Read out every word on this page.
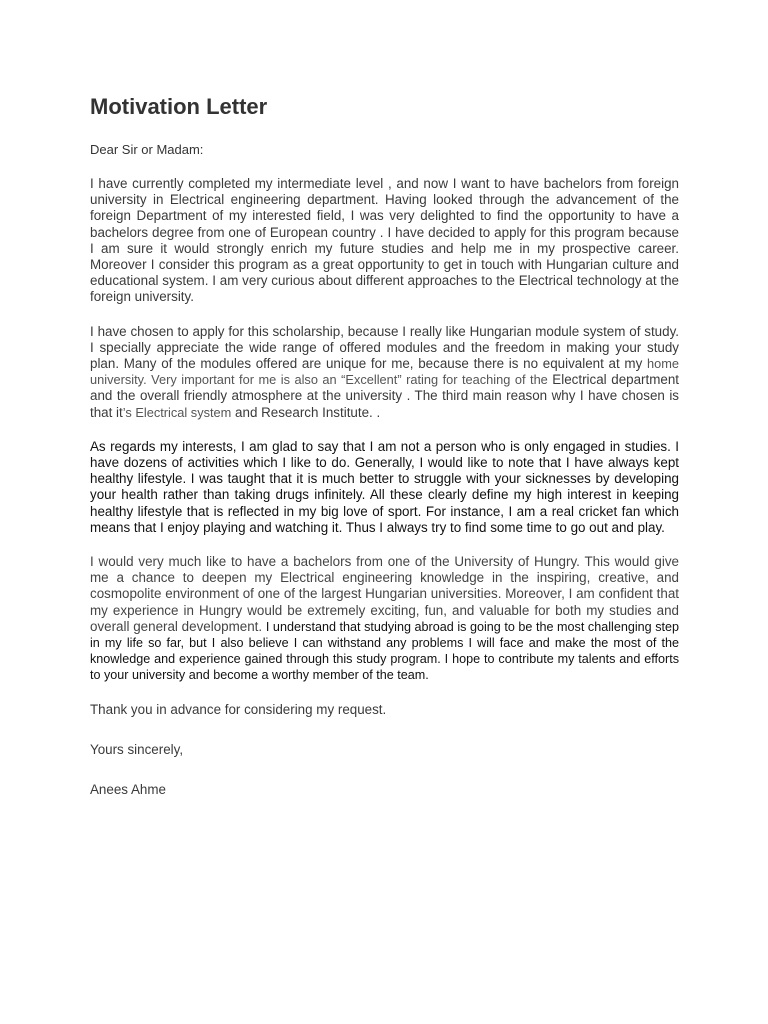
Motivation Letter

Dear Sir or Madam:

I have currently completed my intermediate level , and now I want to have bachelors from foreign university in Electrical engineering department. Having looked through the advancement of the foreign Department of my interested field, I was very delighted to find the opportunity to have a bachelors degree from one of European country . I have decided to apply for this program because I am sure it would strongly enrich my future studies and help me in my prospective career. Moreover I consider this program as a great opportunity to get in touch with Hungarian culture and educational system. I am very curious about different approaches to the Electrical technology at the foreign university.

I have chosen to apply for this scholarship, because I really like Hungarian module system of study. I specially appreciate the wide range of offered modules and the freedom in making your study plan. Many of the modules offered are unique for me, because there is no equivalent at my home university. Very important for me is also an “Excellent” rating for teaching of the Electrical department and the overall friendly atmosphere at the university . The third main reason why I have chosen is that it’s Electrical system and Research Institute. .

As regards my interests, I am glad to say that I am not a person who is only engaged in studies. I have dozens of activities which I like to do. Generally, I would like to note that I have always kept healthy lifestyle. I was taught that it is much better to struggle with your sicknesses by developing your health rather than taking drugs infinitely. All these clearly define my high interest in keeping healthy lifestyle that is reflected in my big love of sport. For instance, I am a real cricket fan which means that I enjoy playing and watching it. Thus I always try to find some time to go out and play.

I would very much like to have a bachelors from one of the University of Hungry. This would give me a chance to deepen my Electrical engineering knowledge in the inspiring, creative, and cosmopolite environment of one of the largest Hungarian universities. Moreover, I am confident that my experience in Hungry would be extremely exciting, fun, and valuable for both my studies and overall general development. I understand that studying abroad is going to be the most challenging step in my life so far, but I also believe I can withstand any problems I will face and make the most of the knowledge and experience gained through this study program. I hope to contribute my talents and efforts to your university and become a worthy member of the team.

Thank you in advance for considering my request.

Yours sincerely,

Anees Ahme
